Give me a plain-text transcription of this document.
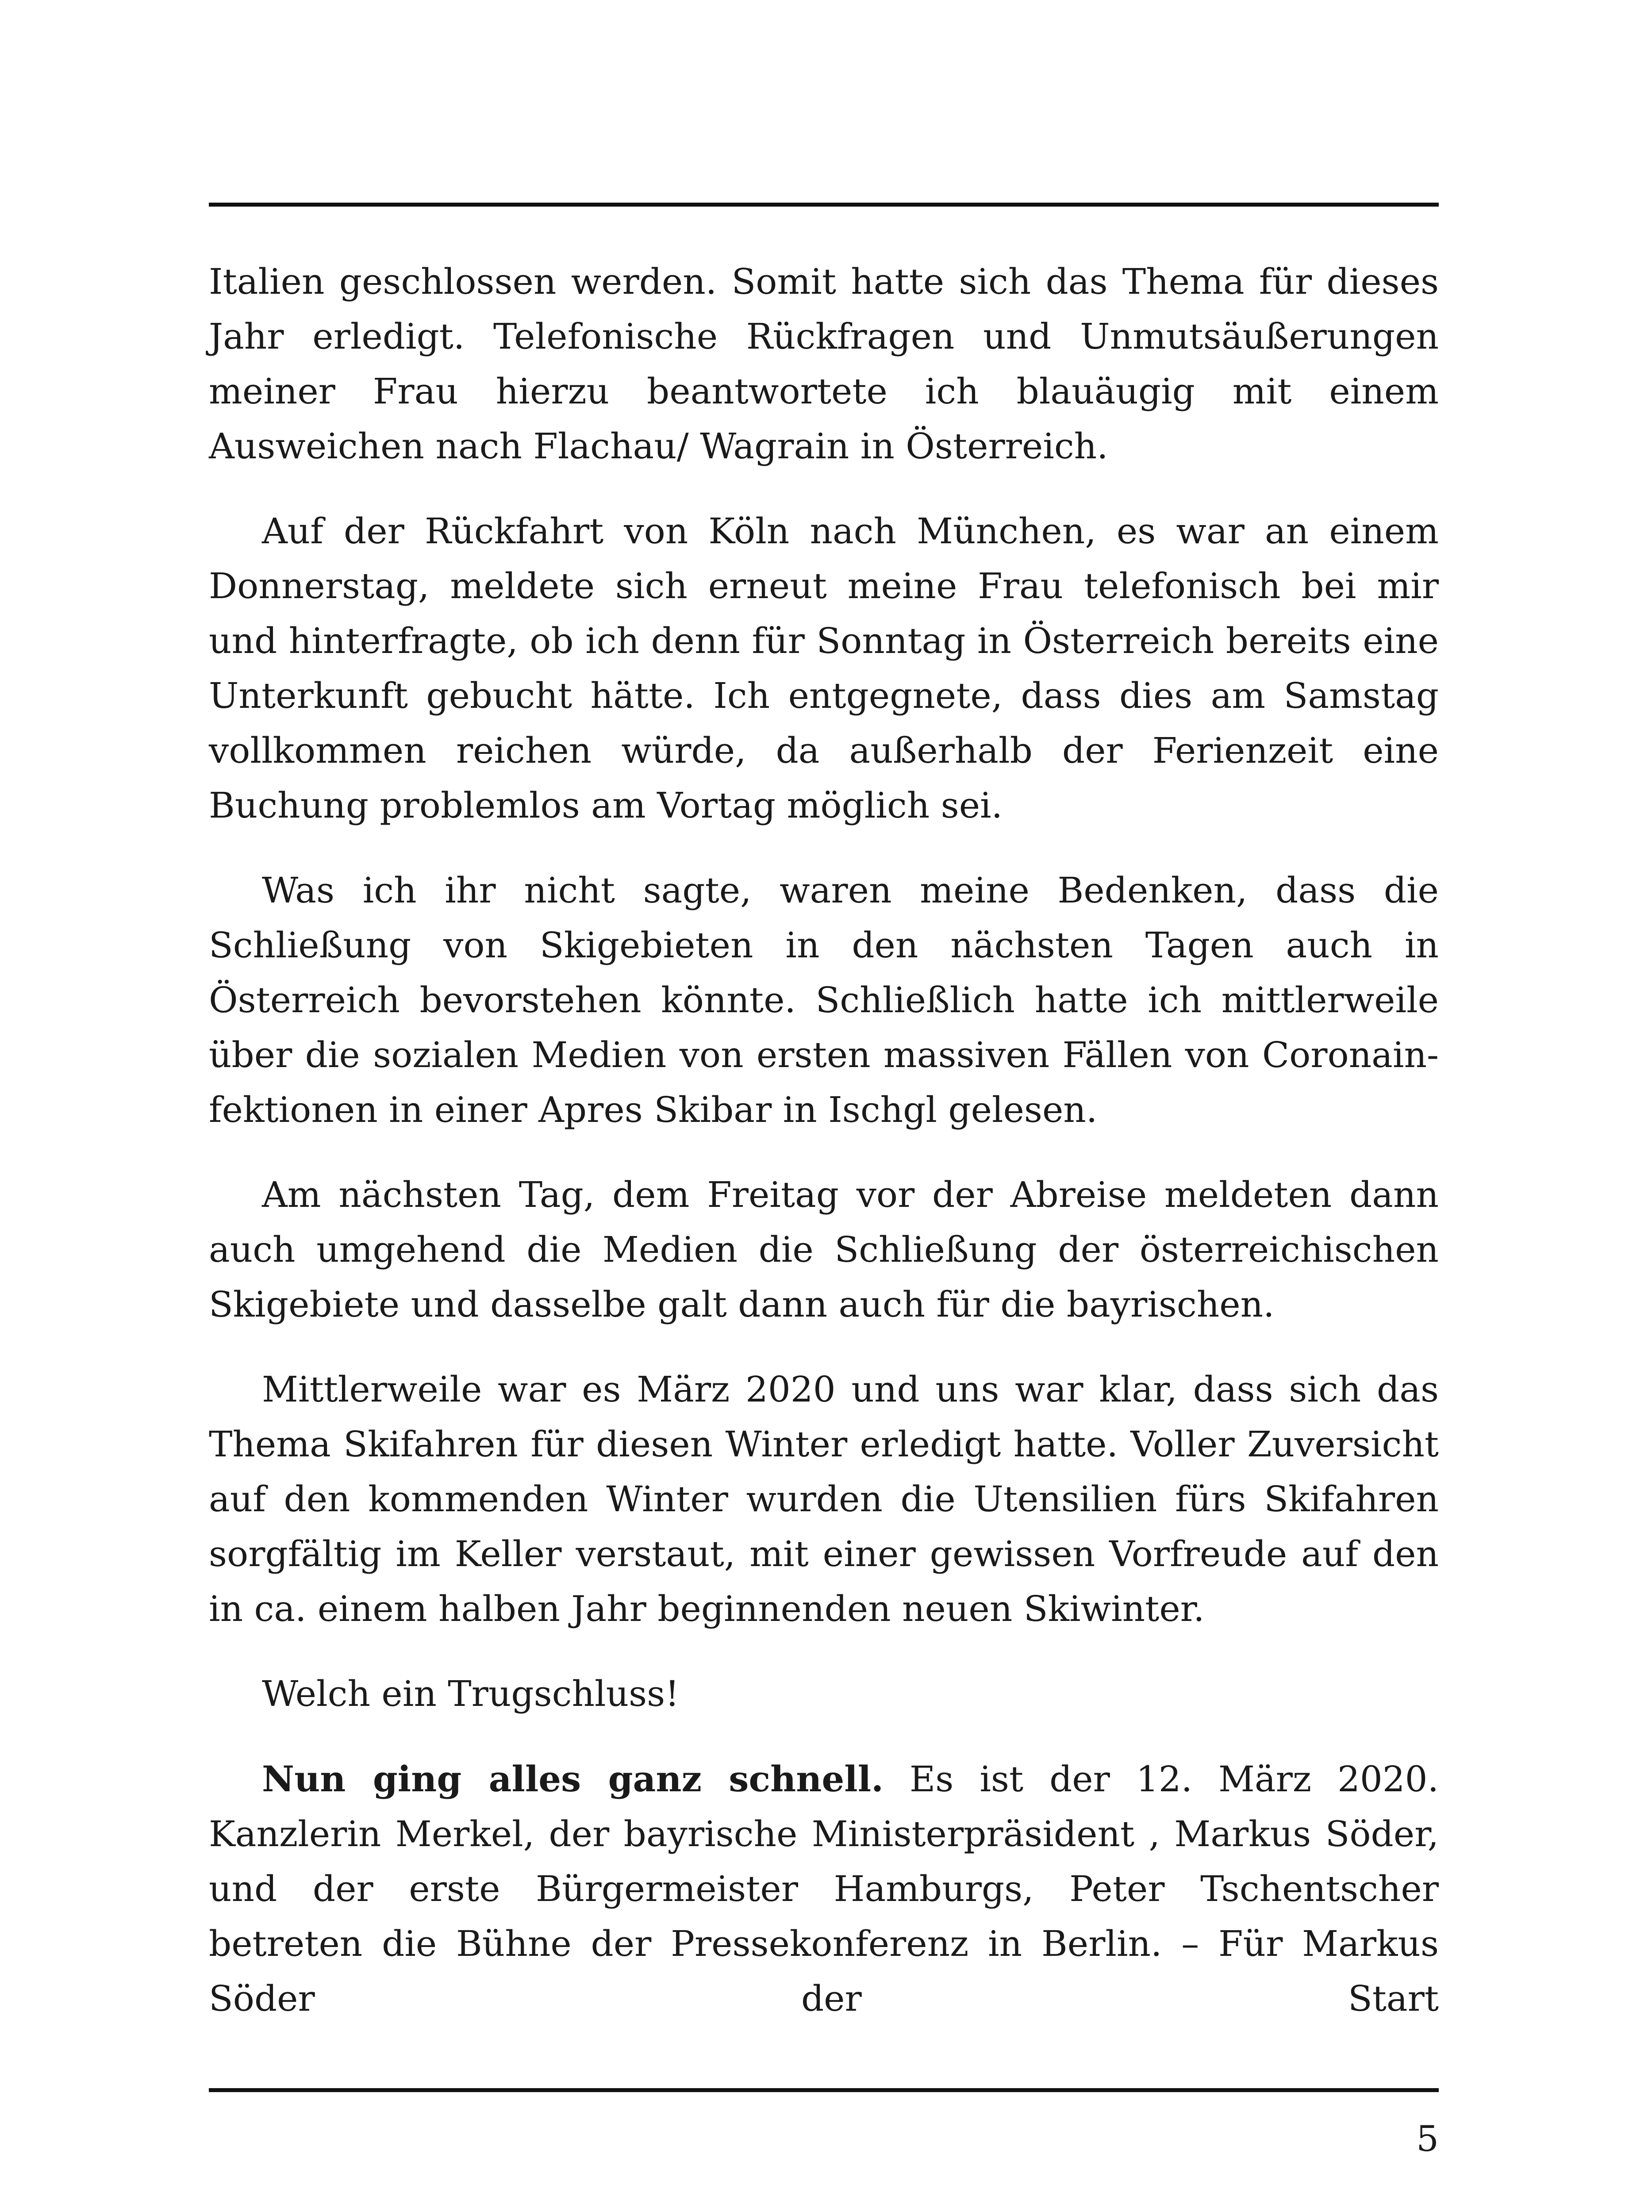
Italien geschlossen werden. Somit hatte sich das Thema für dieses Jahr erledigt. Telefonische Rückfragen und Unmutsäußerungen meiner Frau hierzu beantwortete ich blauäugig mit einem Ausweichen nach Flachau/ Wagrain in Österreich.

Auf der Rückfahrt von Köln nach München, es war an einem Donnerstag, meldete sich erneut meine Frau telefonisch bei mir und hinterfragte, ob ich denn für Sonntag in Österreich bereits eine Unterkunft gebucht hätte. Ich entgegnete, dass dies am Samstag vollkommen reichen würde, da außerhalb der Ferienzeit eine Buchung problemlos am Vortag möglich sei.

Was ich ihr nicht sagte, waren meine Bedenken, dass die Schließung von Skigebieten in den nächsten Tagen auch in Österreich bevorstehen könnte. Schließlich hatte ich mittlerweile über die sozialen Medien von ersten massiven Fällen von Coronain-fektionen in einer Apres Skibar in Ischgl gelesen.

Am nächsten Tag, dem Freitag vor der Abreise meldeten dann auch umgehend die Medien die Schließung der österreichischen Skigebiete und dasselbe galt dann auch für die bayrischen.

Mittlerweile war es März 2020 und uns war klar, dass sich das Thema Skifahren für diesen Winter erledigt hatte. Voller Zuversicht auf den kommenden Winter wurden die Utensilien fürs Skifahren sorgfältig im Keller verstaut, mit einer gewissen Vorfreude auf den in ca. einem halben Jahr beginnenden neuen Skiwinter.

Welch ein Trugschluss!

Nun ging alles ganz schnell. Es ist der 12. März 2020. Kanzlerin Merkel, der bayrische Ministerpräsident , Markus Söder, und der erste Bürgermeister Hamburgs, Peter Tschentscher betreten die Bühne der Pressekonferenz in Berlin. – Für Markus Söder der Start

5
